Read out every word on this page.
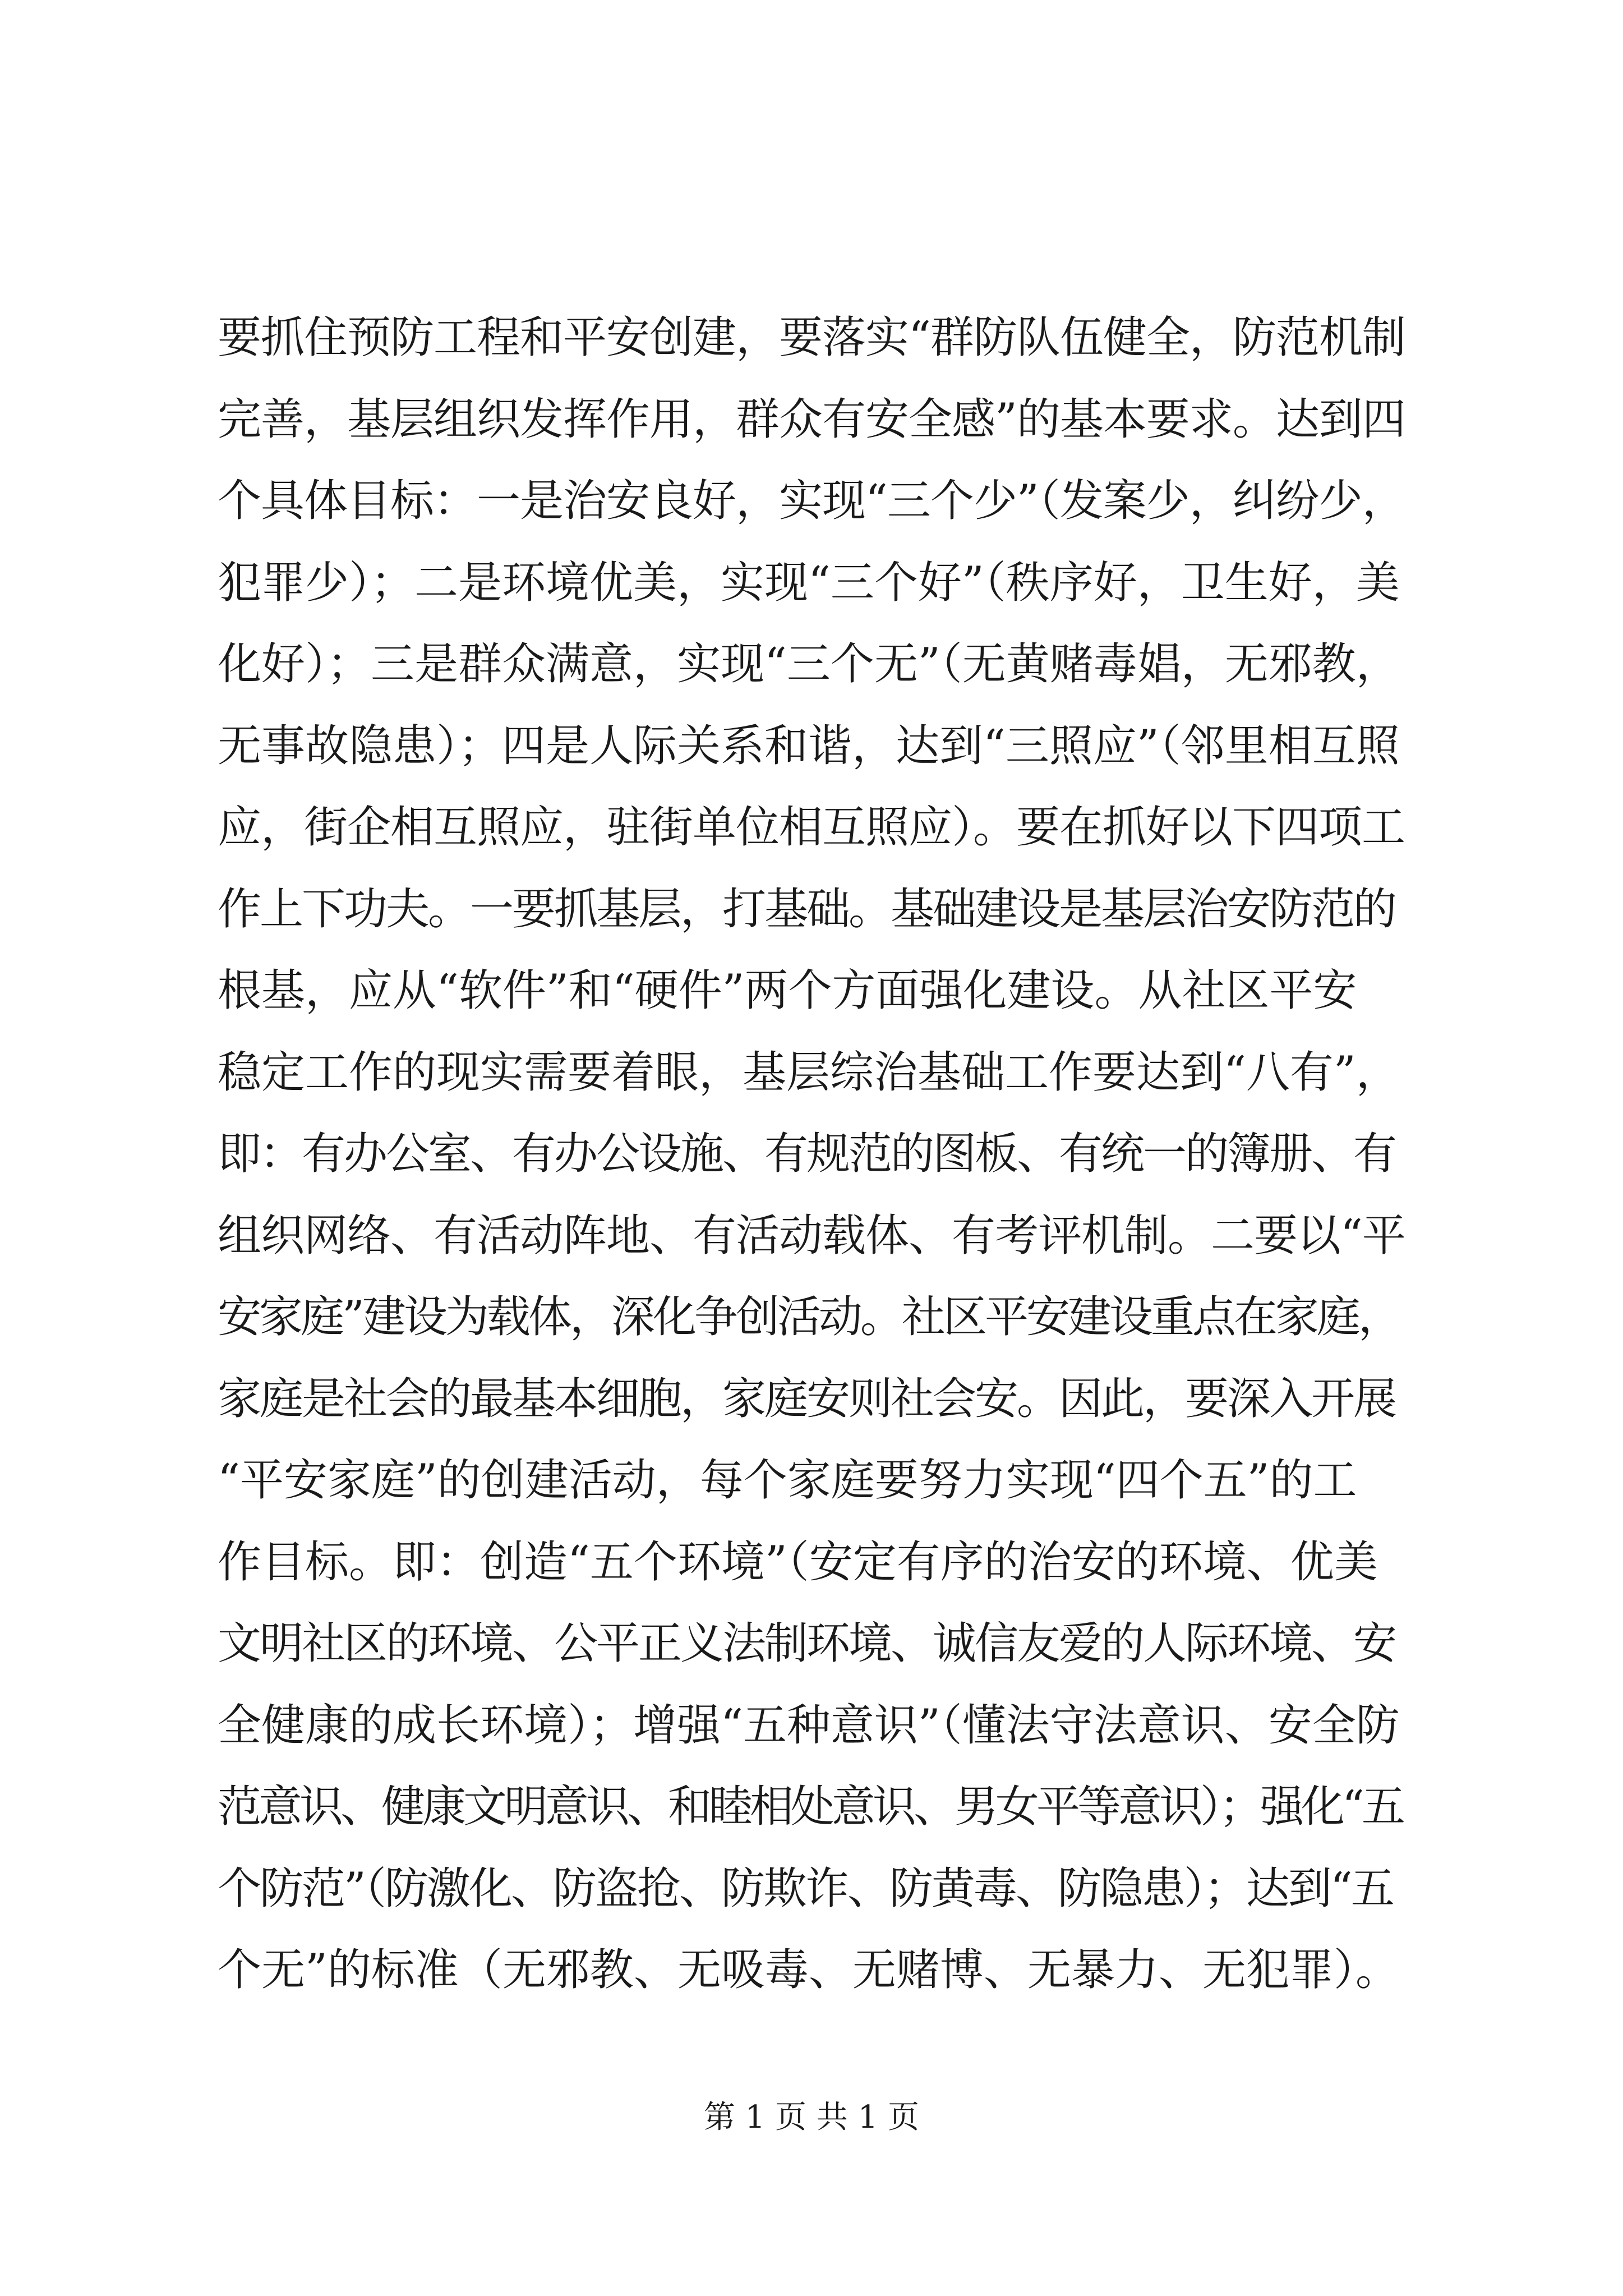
要抓住预防工程和平安创建，要落实“群防队伍健全，防范机制
完善，基层组织发挥作用，群众有安全感”的基本要求。达到四
个具体目标：一是治安良好，实现“三个少”（发案少，纠纷少，
犯罪少）；二是环境优美，实现“三个好”（秩序好，卫生好，美
化好）；三是群众满意，实现“三个无”（无黄赌毒娼，无邪教，
无事故隐患）；四是人际关系和谐，达到“三照应”（邻里相互照
应，街企相互照应，驻街单位相互照应）。要在抓好以下四项工
作上下功夫。一要抓基层，打基础。基础建设是基层治安防范的
根基，应从“软件”和“硬件”两个方面强化建设。从社区平安
稳定工作的现实需要着眼，基层综治基础工作要达到“八有”，
即：有办公室、有办公设施、有规范的图板、有统一的簿册、有
组织网络、有活动阵地、有活动载体、有考评机制。二要以“平
安家庭”建设为载体，深化争创活动。社区平安建设重点在家庭，
家庭是社会的最基本细胞，家庭安则社会安。因此，要深入开展
“平安家庭”的创建活动，每个家庭要努力实现“四个五”的工
作目标。即：创造“五个环境”（安定有序的治安的环境、优美
文明社区的环境、公平正义法制环境、诚信友爱的人际环境、安
全健康的成长环境）；增强“五种意识”（懂法守法意识、安全防
范意识、健康文明意识、和睦相处意识、男女平等意识）；强化“五
个防范”（防激化、防盗抢、防欺诈、防黄毒、防隐患）；达到“五
个无”的标准（无邪教、无吸毒、无赌博、无暴力、无犯罪）。
第 1 页 共 1 页
